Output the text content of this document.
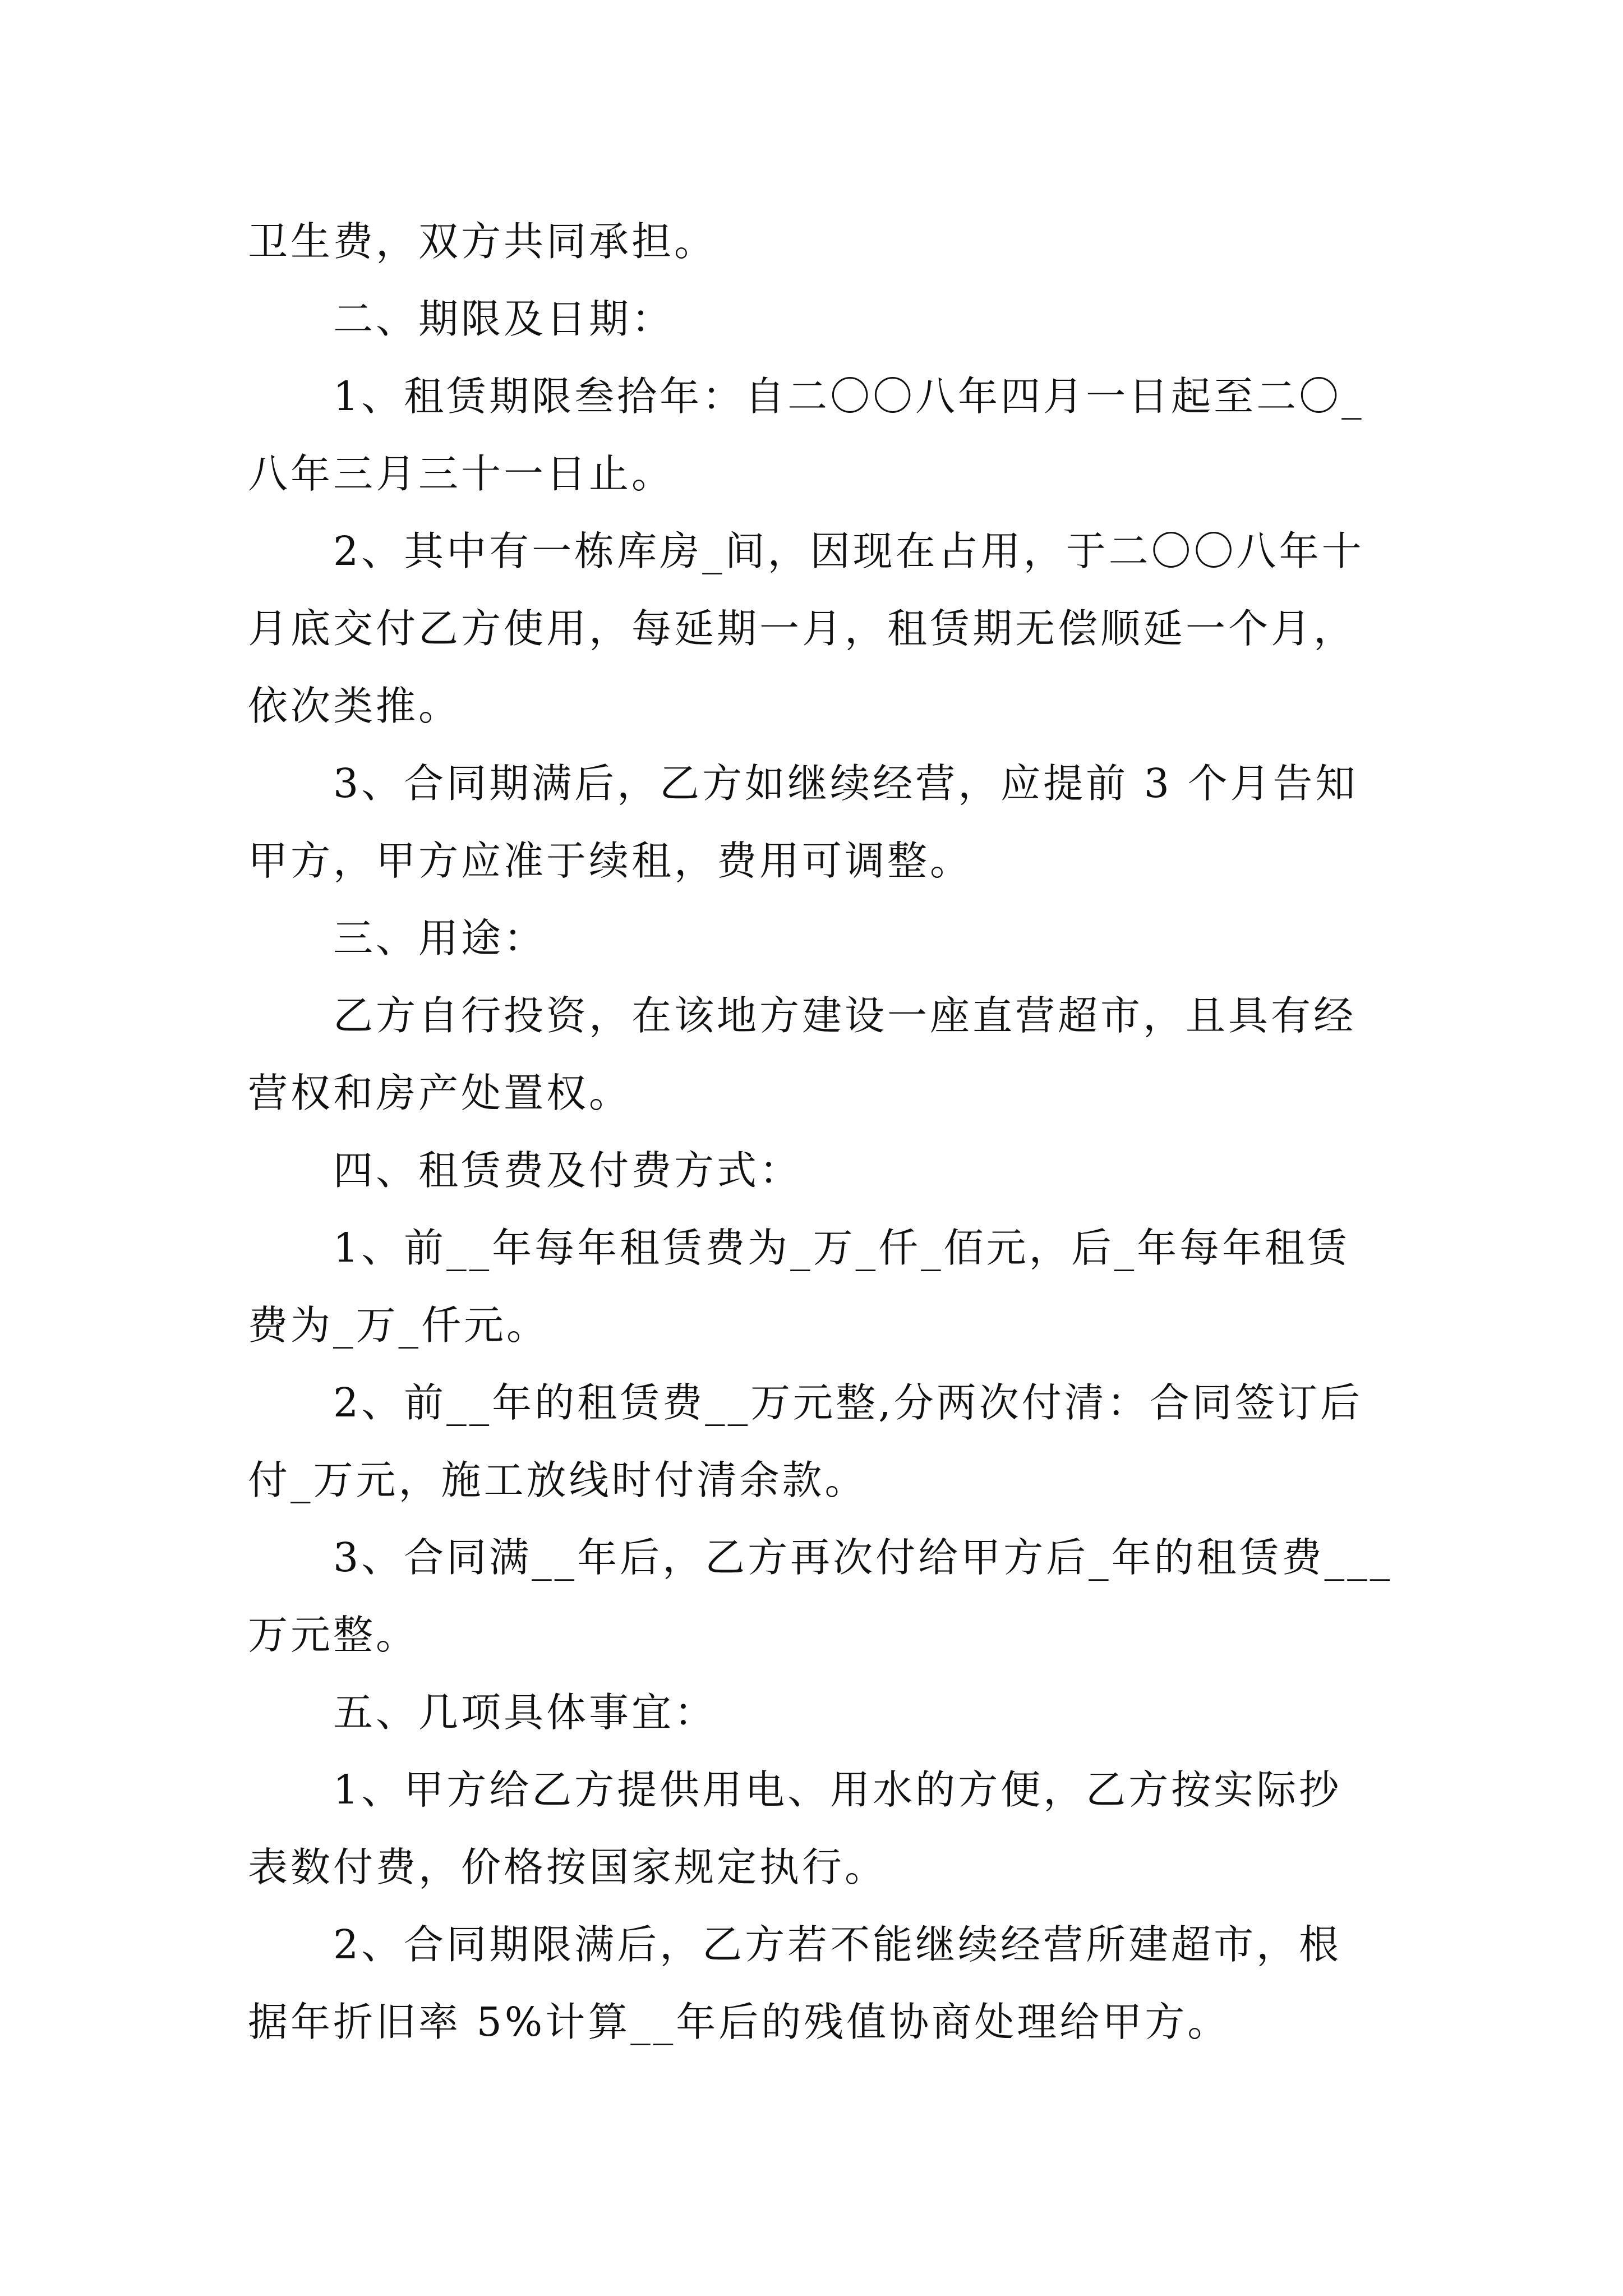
卫生费，双方共同承担。

二、期限及日期：

1、租赁期限叁拾年：自二〇〇八年四月一日起至二〇_

八年三月三十一日止。

2、其中有一栋库房_间，因现在占用，于二〇〇八年十

月底交付乙方使用，每延期一月，租赁期无偿顺延一个月，

依次类推。

3、合同期满后，乙方如继续经营，应提前 3 个月告知

甲方，甲方应准于续租，费用可调整。

三、用途：

乙方自行投资，在该地方建设一座直营超市，且具有经

营权和房产处置权。

四、租赁费及付费方式：

1、前__年每年租赁费为_万_仟_佰元，后_年每年租赁

费为_万_仟元。

2、前__年的租赁费__万元整,分两次付清：合同签订后

付_万元，施工放线时付清余款。

3、合同满__年后，乙方再次付给甲方后_年的租赁费___

万元整。

五、几项具体事宜：

1、甲方给乙方提供用电、用水的方便，乙方按实际抄

表数付费，价格按国家规定执行。

2、合同期限满后，乙方若不能继续经营所建超市，根

据年折旧率 5%计算__年后的残值协商处理给甲方。
